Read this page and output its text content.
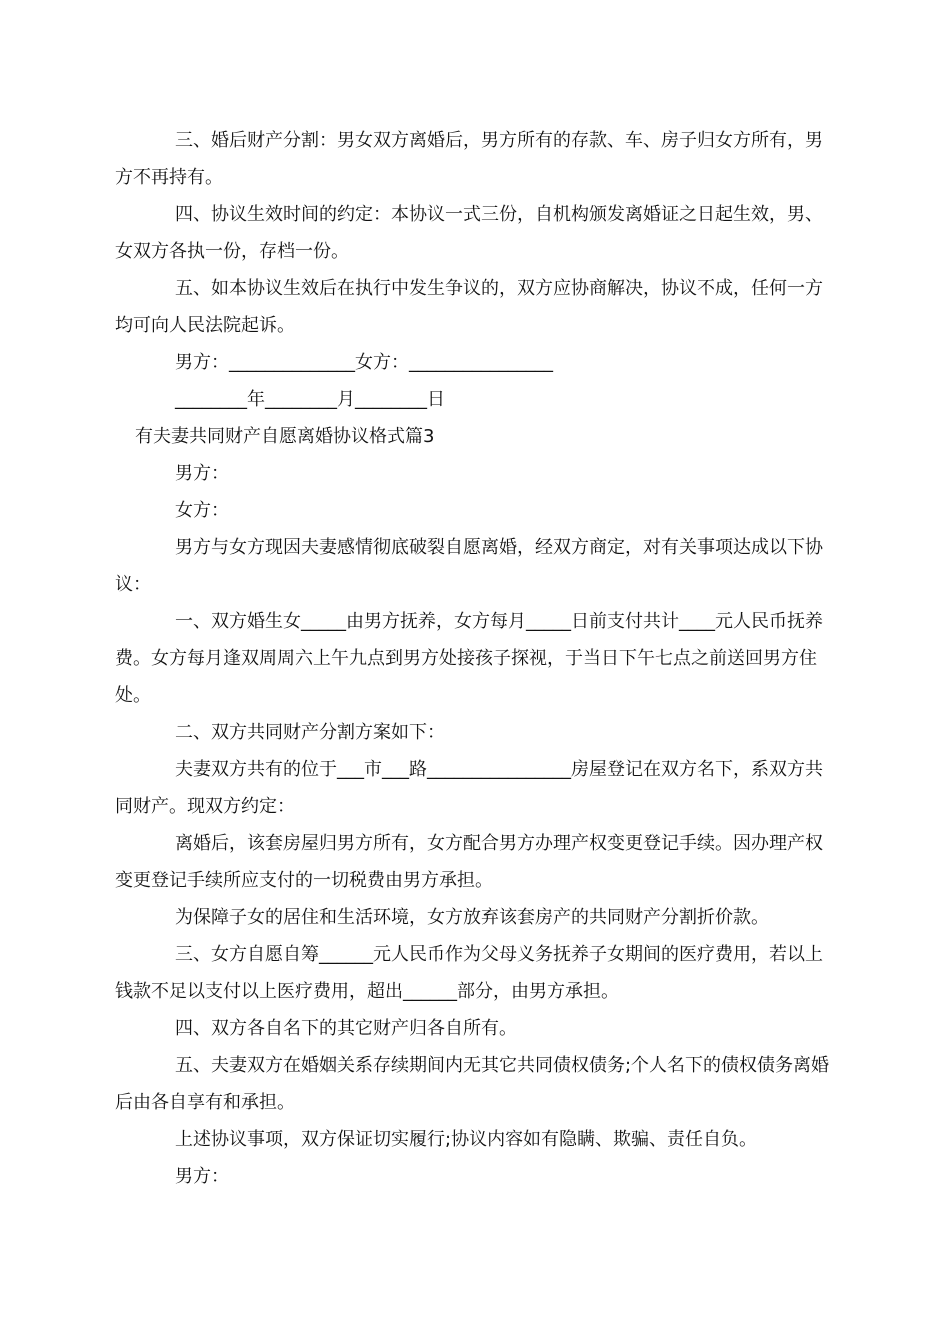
三、婚后财产分割：男女双方离婚后，男方所有的存款、车、房子归女方所有，男方不再持有。

四、协议生效时间的约定：本协议一式三份，自机构颁发离婚证之日起生效，男、女双方各执一份，存档一份。

五、如本协议生效后在执行中发生争议的，双方应协商解决，协议不成，任何一方均可向人民法院起诉。

男方：______________女方：________________

________年________月________日

有夫妻共同财产自愿离婚协议格式篇3

男方：

女方：

男方与女方现因夫妻感情彻底破裂自愿离婚，经双方商定，对有关事项达成以下协议：

一、双方婚生女_____由男方抚养，女方每月_____日前支付共计____元人民币抚养费。女方每月逢双周周六上午九点到男方处接孩子探视，于当日下午七点之前送回男方住处。

二、双方共同财产分割方案如下：

夫妻双方共有的位于___市___路________________房屋登记在双方名下，系双方共同财产。现双方约定：

离婚后，该套房屋归男方所有，女方配合男方办理产权变更登记手续。因办理产权变更登记手续所应支付的一切税费由男方承担。

为保障子女的居住和生活环境，女方放弃该套房产的共同财产分割折价款。

三、女方自愿自筹______元人民币作为父母义务抚养子女期间的医疗费用，若以上钱款不足以支付以上医疗费用，超出______部分，由男方承担。

四、双方各自名下的其它财产归各自所有。

五、夫妻双方在婚姻关系存续期间内无其它共同债权债务;个人名下的债权债务离婚后由各自享有和承担。

上述协议事项，双方保证切实履行;协议内容如有隐瞒、欺骗、责任自负。

男方：
